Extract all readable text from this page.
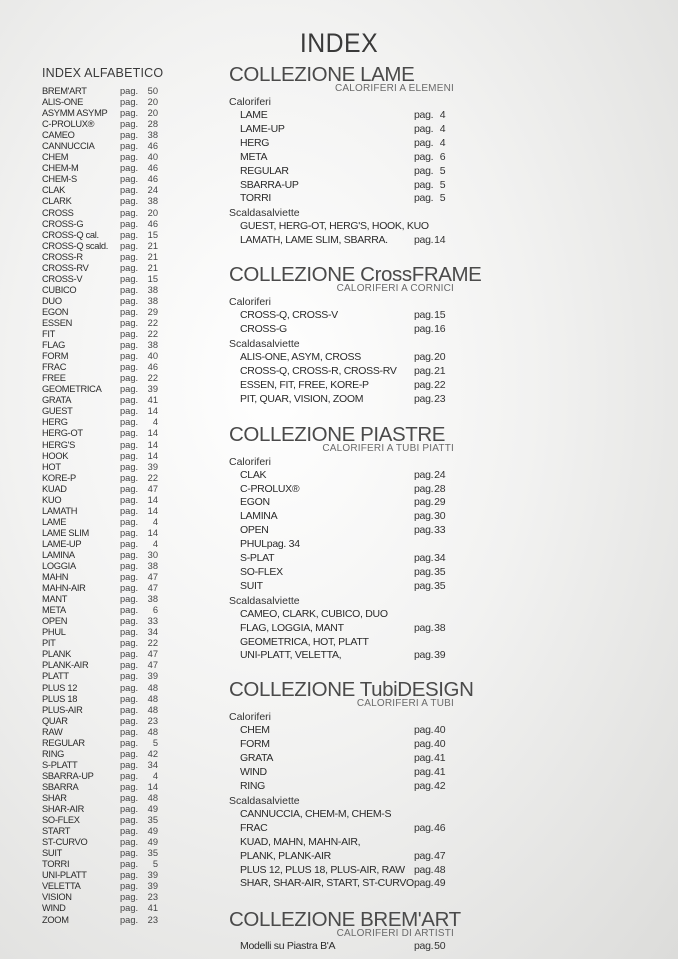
INDEX
INDEX ALFABETICO
BREM'ART	pag.	50
ALIS-ONE	pag.	20
ASYMM ASYMP	pag.	20
C-PROLUX®	pag.	28
CAMEO	pag.	38
CANNUCCIA	pag.	46
CHEM	pag.	40
CHEM-M	pag.	46
CHEM-S	pag.	46
CLAK	pag.	24
CLARK	pag.	38
CROSS	pag.	20
CROSS-G	pag.	46
CROSS-Q cal.	pag.	15
CROSS-Q scald.	pag.	21
CROSS-R	pag.	21
CROSS-RV	pag.	21
CROSS-V	pag.	15
CUBICO	pag.	38
DUO	pag.	38
EGON	pag.	29
ESSEN	pag.	22
FIT	pag.	22
FLAG	pag.	38
FORM	pag.	40
FRAC	pag.	46
FREE	pag.	22
GEOMETRICA	pag.	39
GRATA	pag.	41
GUEST	pag.	14
HERG	pag.	4
HERG-OT	pag.	14
HERG'S	pag.	14
HOOK	pag.	14
HOT	pag.	39
KORE-P	pag.	22
KUAD	pag.	47
KUO	pag.	14
LAMATH	pag.	14
LAME	pag.	4
LAME SLIM	pag.	14
LAME-UP	pag.	4
LAMINA	pag.	30
LOGGIA	pag.	38
MAHN	pag.	47
MAHN-AIR	pag.	47
MANT	pag.	38
META	pag.	6
OPEN	pag.	33
PHUL	pag.	34
PIT	pag.	22
PLANK	pag.	47
PLANK-AIR	pag.	47
PLATT	pag.	39
PLUS 12	pag.	48
PLUS 18	pag.	48
PLUS-AIR	pag.	48
QUAR	pag.	23
RAW	pag.	48
REGULAR	pag.	5
RING	pag.	42
S-PLATT	pag.	34
SBARRA-UP	pag.	4
SBARRA	pag.	14
SHAR	pag.	48
SHAR-AIR	pag.	49
SO-FLEX	pag.	35
START	pag.	49
ST-CURVO	pag.	49
SUIT	pag.	35
TORRI	pag.	5
UNI-PLATT	pag.	39
VELETTA	pag.	39
VISION	pag.	23
WIND	pag.	41
ZOOM	pag.	23
COLLEZIONE LAME
CALORIFERI A ELEMENI
Caloriferi
LAME	pag. 4
LAME-UP	pag. 4
HERG	pag. 4
META	pag. 6
REGULAR	pag. 5
SBARRA-UP	pag. 5
TORRI	pag. 5
Scaldasalviette
GUEST, HERG-OT, HERG'S, HOOK, KUO
LAMATH, LAME SLIM, SBARRA. pag.14
COLLEZIONE CrossFRAME
CALORIFERI A CORNICI
Caloriferi
CROSS-Q, CROSS-V	pag.15
CROSS-G	pag.16
Scaldasalviette
ALIS-ONE, ASYM, CROSS	pag.20
CROSS-Q, CROSS-R, CROSS-RV pag.21
ESSEN, FIT, FREE, KORE-P	pag.22
PIT, QUAR, VISION, ZOOM	pag.23
COLLEZIONE PIASTRE
CALORIFERI A TUBI PIATTI
Caloriferi
CLAK	pag.24
C-PROLUX®	pag.28
EGON	pag.29
LAMINA	pag.30
OPEN	pag.33
PHULpag. 34
S-PLAT	pag.34
SO-FLEX	pag.35
SUIT	pag.35
Scaldasalviette
CAMEO, CLARK, CUBICO, DUO
FLAG, LOGGIA, MANT	pag.38
GEOMETRICA, HOT, PLATT
UNI-PLATT, VELETTA,	pag.39
COLLEZIONE TubiDESIGN
CALORIFERI A TUBI
Caloriferi
CHEM	pag.40
FORM	pag.40
GRATA	pag.41
WIND	pag.41
RING	pag.42
Scaldasalviette
CANNUCCIA, CHEM-M, CHEM-S
FRAC	pag.46
KUAD, MAHN, MAHN-AIR,
PLANK, PLANK-AIR	pag.47
PLUS 12, PLUS 18, PLUS-AIR, RAW pag.48
SHAR, SHAR-AIR, START, ST-CURVO pag.49
COLLEZIONE BREM'ART
CALORIFERI DI ARTISTI
Modelli su Piastra B'A	pag.50
